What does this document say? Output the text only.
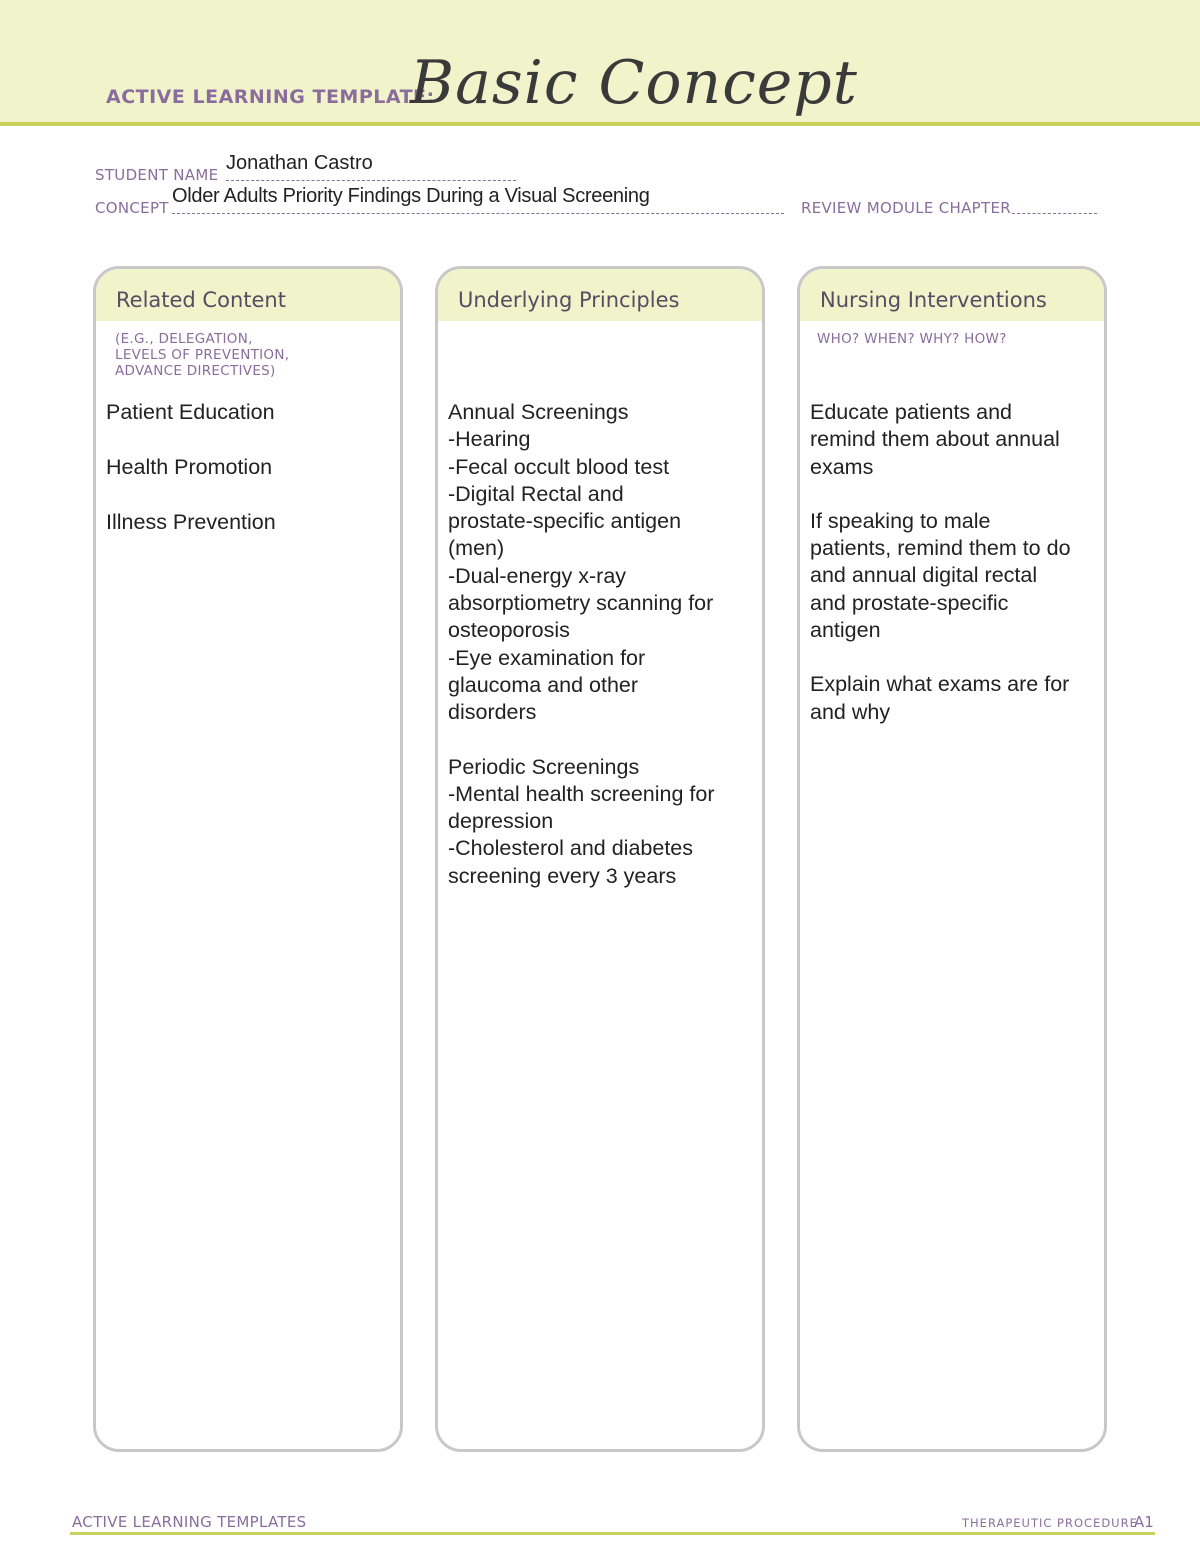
ACTIVE LEARNING TEMPLATE:
Basic Concept
STUDENT NAME
Jonathan Castro
CONCEPT
Older Adults Priority Findings During a Visual Screening
REVIEW MODULE CHAPTER
Related Content
(E.G., DELEGATION,
LEVELS OF PREVENTION,
ADVANCE DIRECTIVES)
Patient Education
Health Promotion
Illness Prevention
Underlying Principles
Annual Screenings
-Hearing
-Fecal occult blood test
-Digital Rectal and
prostate-specific antigen
(men)
-Dual-energy x-ray
absorptiometry scanning for
osteoporosis
-Eye examination for
glaucoma and other
disorders
Periodic Screenings
-Mental health screening for
depression
-Cholesterol and diabetes
screening every 3 years
Nursing Interventions
WHO? WHEN? WHY? HOW?
Educate patients and
remind them about annual
exams
If speaking to male
patients, remind them to do
and annual digital rectal
and prostate-specific
antigen
Explain what exams are for
and why
ACTIVE LEARNING TEMPLATES	THERAPEUTIC PROCEDURE
A1
